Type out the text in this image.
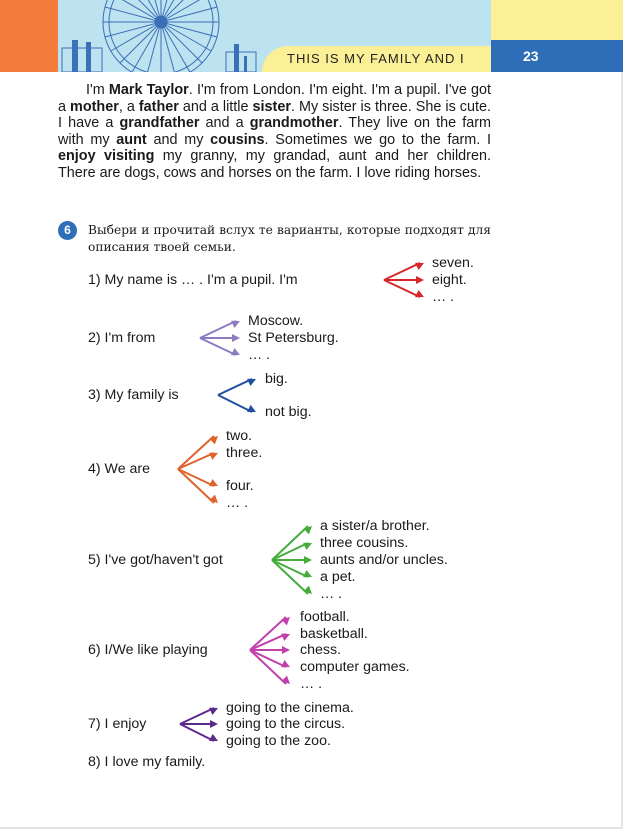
THIS IS MY FAMILY AND I	23

I'm Mark Taylor. I'm from London. I'm eight. I'm a pupil. I've got a mother, a father and a little sister. My sister is three. She is cute. I have a grandfather and a grandmother. They live on the farm with my aunt and my cousins. Sometimes we go to the farm. I enjoy visiting my granny, my grandad, aunt and her children. There are dogs, cows and horses on the farm. I love riding horses.

6	Выбери и прочитай вслух те варианты, которые подходят для описания твоей семьи.
1) My name is … . I'm a pupil. I'm
seven.
eight.
… .
2) I'm from
Moscow.
St Petersburg.
… .
3) My family is
big.
not big.
4) We are
two.
three.
four.
… .
5) I've got/haven't got
a sister/a brother.
three cousins.
aunts and/or uncles.
a pet.
… .
6) I/We like playing
football.
basketball.
chess.
computer games.
… .
7) I enjoy
going to the cinema.
going to the circus.
going to the zoo.
8) I love my family.
